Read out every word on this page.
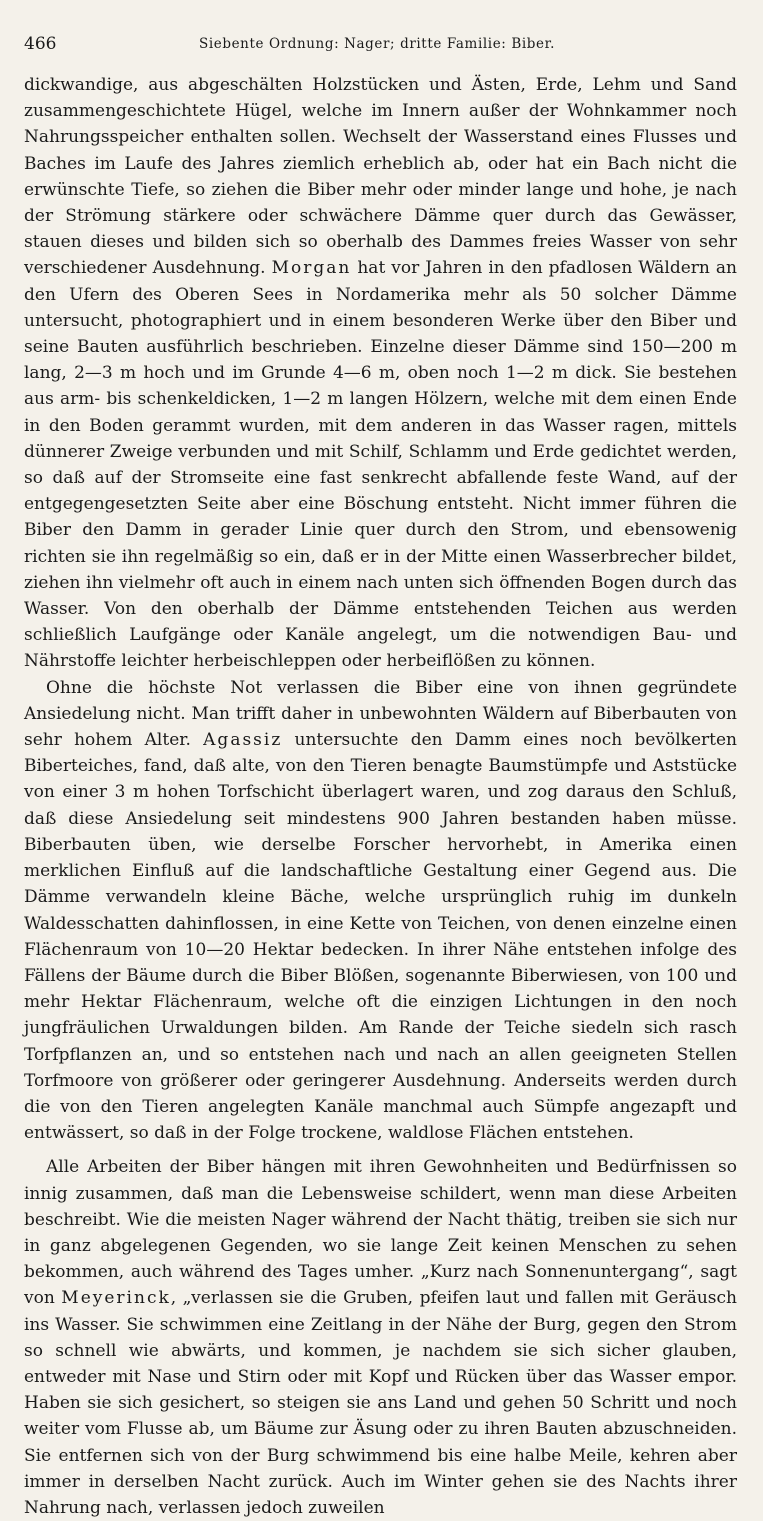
466	Siebente Ordnung: Nager; dritte Familie: Biber.

dickwandige, aus abgeschälten Holzstücken und Ästen, Erde, Lehm und Sand zusammengeschichtete Hügel, welche im Innern außer der Wohnkammer noch Nahrungsspeicher enthalten sollen. Wechselt der Wasserstand eines Flusses und Baches im Laufe des Jahres ziemlich erheblich ab, oder hat ein Bach nicht die erwünschte Tiefe, so ziehen die Biber mehr oder minder lange und hohe, je nach der Strömung stärkere oder schwächere Dämme quer durch das Gewässer, stauen dieses und bilden sich so oberhalb des Dammes freies Wasser von sehr verschiedener Ausdehnung. Morgan hat vor Jahren in den pfadlosen Wäldern an den Ufern des Oberen Sees in Nordamerika mehr als 50 solcher Dämme untersucht, photographiert und in einem besonderen Werke über den Biber und seine Bauten ausführlich beschrieben. Einzelne dieser Dämme sind 150—200 m lang, 2—3 m hoch und im Grunde 4—6 m, oben noch 1—2 m dick. Sie bestehen aus arm- bis schenkeldicken, 1—2 m langen Hölzern, welche mit dem einen Ende in den Boden gerammt wurden, mit dem anderen in das Wasser ragen, mittels dünnerer Zweige verbunden und mit Schilf, Schlamm und Erde gedichtet werden, so daß auf der Stromseite eine fast senkrecht abfallende feste Wand, auf der entgegengesetzten Seite aber eine Böschung entsteht. Nicht immer führen die Biber den Damm in gerader Linie quer durch den Strom, und ebensowenig richten sie ihn regelmäßig so ein, daß er in der Mitte einen Wasserbrecher bildet, ziehen ihn vielmehr oft auch in einem nach unten sich öffnenden Bogen durch das Wasser. Von den oberhalb der Dämme entstehenden Teichen aus werden schließlich Laufgänge oder Kanäle angelegt, um die notwendigen Bau- und Nährstoffe leichter herbeischleppen oder herbeiflößen zu können.

Ohne die höchste Not verlassen die Biber eine von ihnen gegründete Ansiedelung nicht. Man trifft daher in unbewohnten Wäldern auf Biberbauten von sehr hohem Alter. Agassiz untersuchte den Damm eines noch bevölkerten Biberteiches, fand, daß alte, von den Tieren benagte Baumstümpfe und Aststücke von einer 3 m hohen Torfschicht überlagert waren, und zog daraus den Schluß, daß diese Ansiedelung seit mindestens 900 Jahren bestanden haben müsse. Biberbauten üben, wie derselbe Forscher hervorhebt, in Amerika einen merklichen Einfluß auf die landschaftliche Gestaltung einer Gegend aus. Die Dämme verwandeln kleine Bäche, welche ursprünglich ruhig im dunkeln Waldesschatten dahinflossen, in eine Kette von Teichen, von denen einzelne einen Flächenraum von 10—20 Hektar bedecken. In ihrer Nähe entstehen infolge des Fällens der Bäume durch die Biber Blößen, sogenannte Biberwiesen, von 100 und mehr Hektar Flächenraum, welche oft die einzigen Lichtungen in den noch jungfräulichen Urwaldungen bilden. Am Rande der Teiche siedeln sich rasch Torfpflanzen an, und so entstehen nach und nach an allen geeigneten Stellen Torfmoore von größerer oder geringerer Ausdehnung. Anderseits werden durch die von den Tieren angelegten Kanäle manchmal auch Sümpfe angezapft und entwässert, so daß in der Folge trockene, waldlose Flächen entstehen.

Alle Arbeiten der Biber hängen mit ihren Gewohnheiten und Bedürfnissen so innig zusammen, daß man die Lebensweise schildert, wenn man diese Arbeiten beschreibt. Wie die meisten Nager während der Nacht thätig, treiben sie sich nur in ganz abgelegenen Gegenden, wo sie lange Zeit keinen Menschen zu sehen bekommen, auch während des Tages umher. „Kurz nach Sonnenuntergang“, sagt von Meyerinck, „verlassen sie die Gruben, pfeifen laut und fallen mit Geräusch ins Wasser. Sie schwimmen eine Zeitlang in der Nähe der Burg, gegen den Strom so schnell wie abwärts, und kommen, je nachdem sie sich sicher glauben, entweder mit Nase und Stirn oder mit Kopf und Rücken über das Wasser empor. Haben sie sich gesichert, so steigen sie ans Land und gehen 50 Schritt und noch weiter vom Flusse ab, um Bäume zur Äsung oder zu ihren Bauten abzuschneiden. Sie entfernen sich von der Burg schwimmend bis eine halbe Meile, kehren aber immer in derselben Nacht zurück. Auch im Winter gehen sie des Nachts ihrer Nahrung nach, verlassen jedoch zuweilen
